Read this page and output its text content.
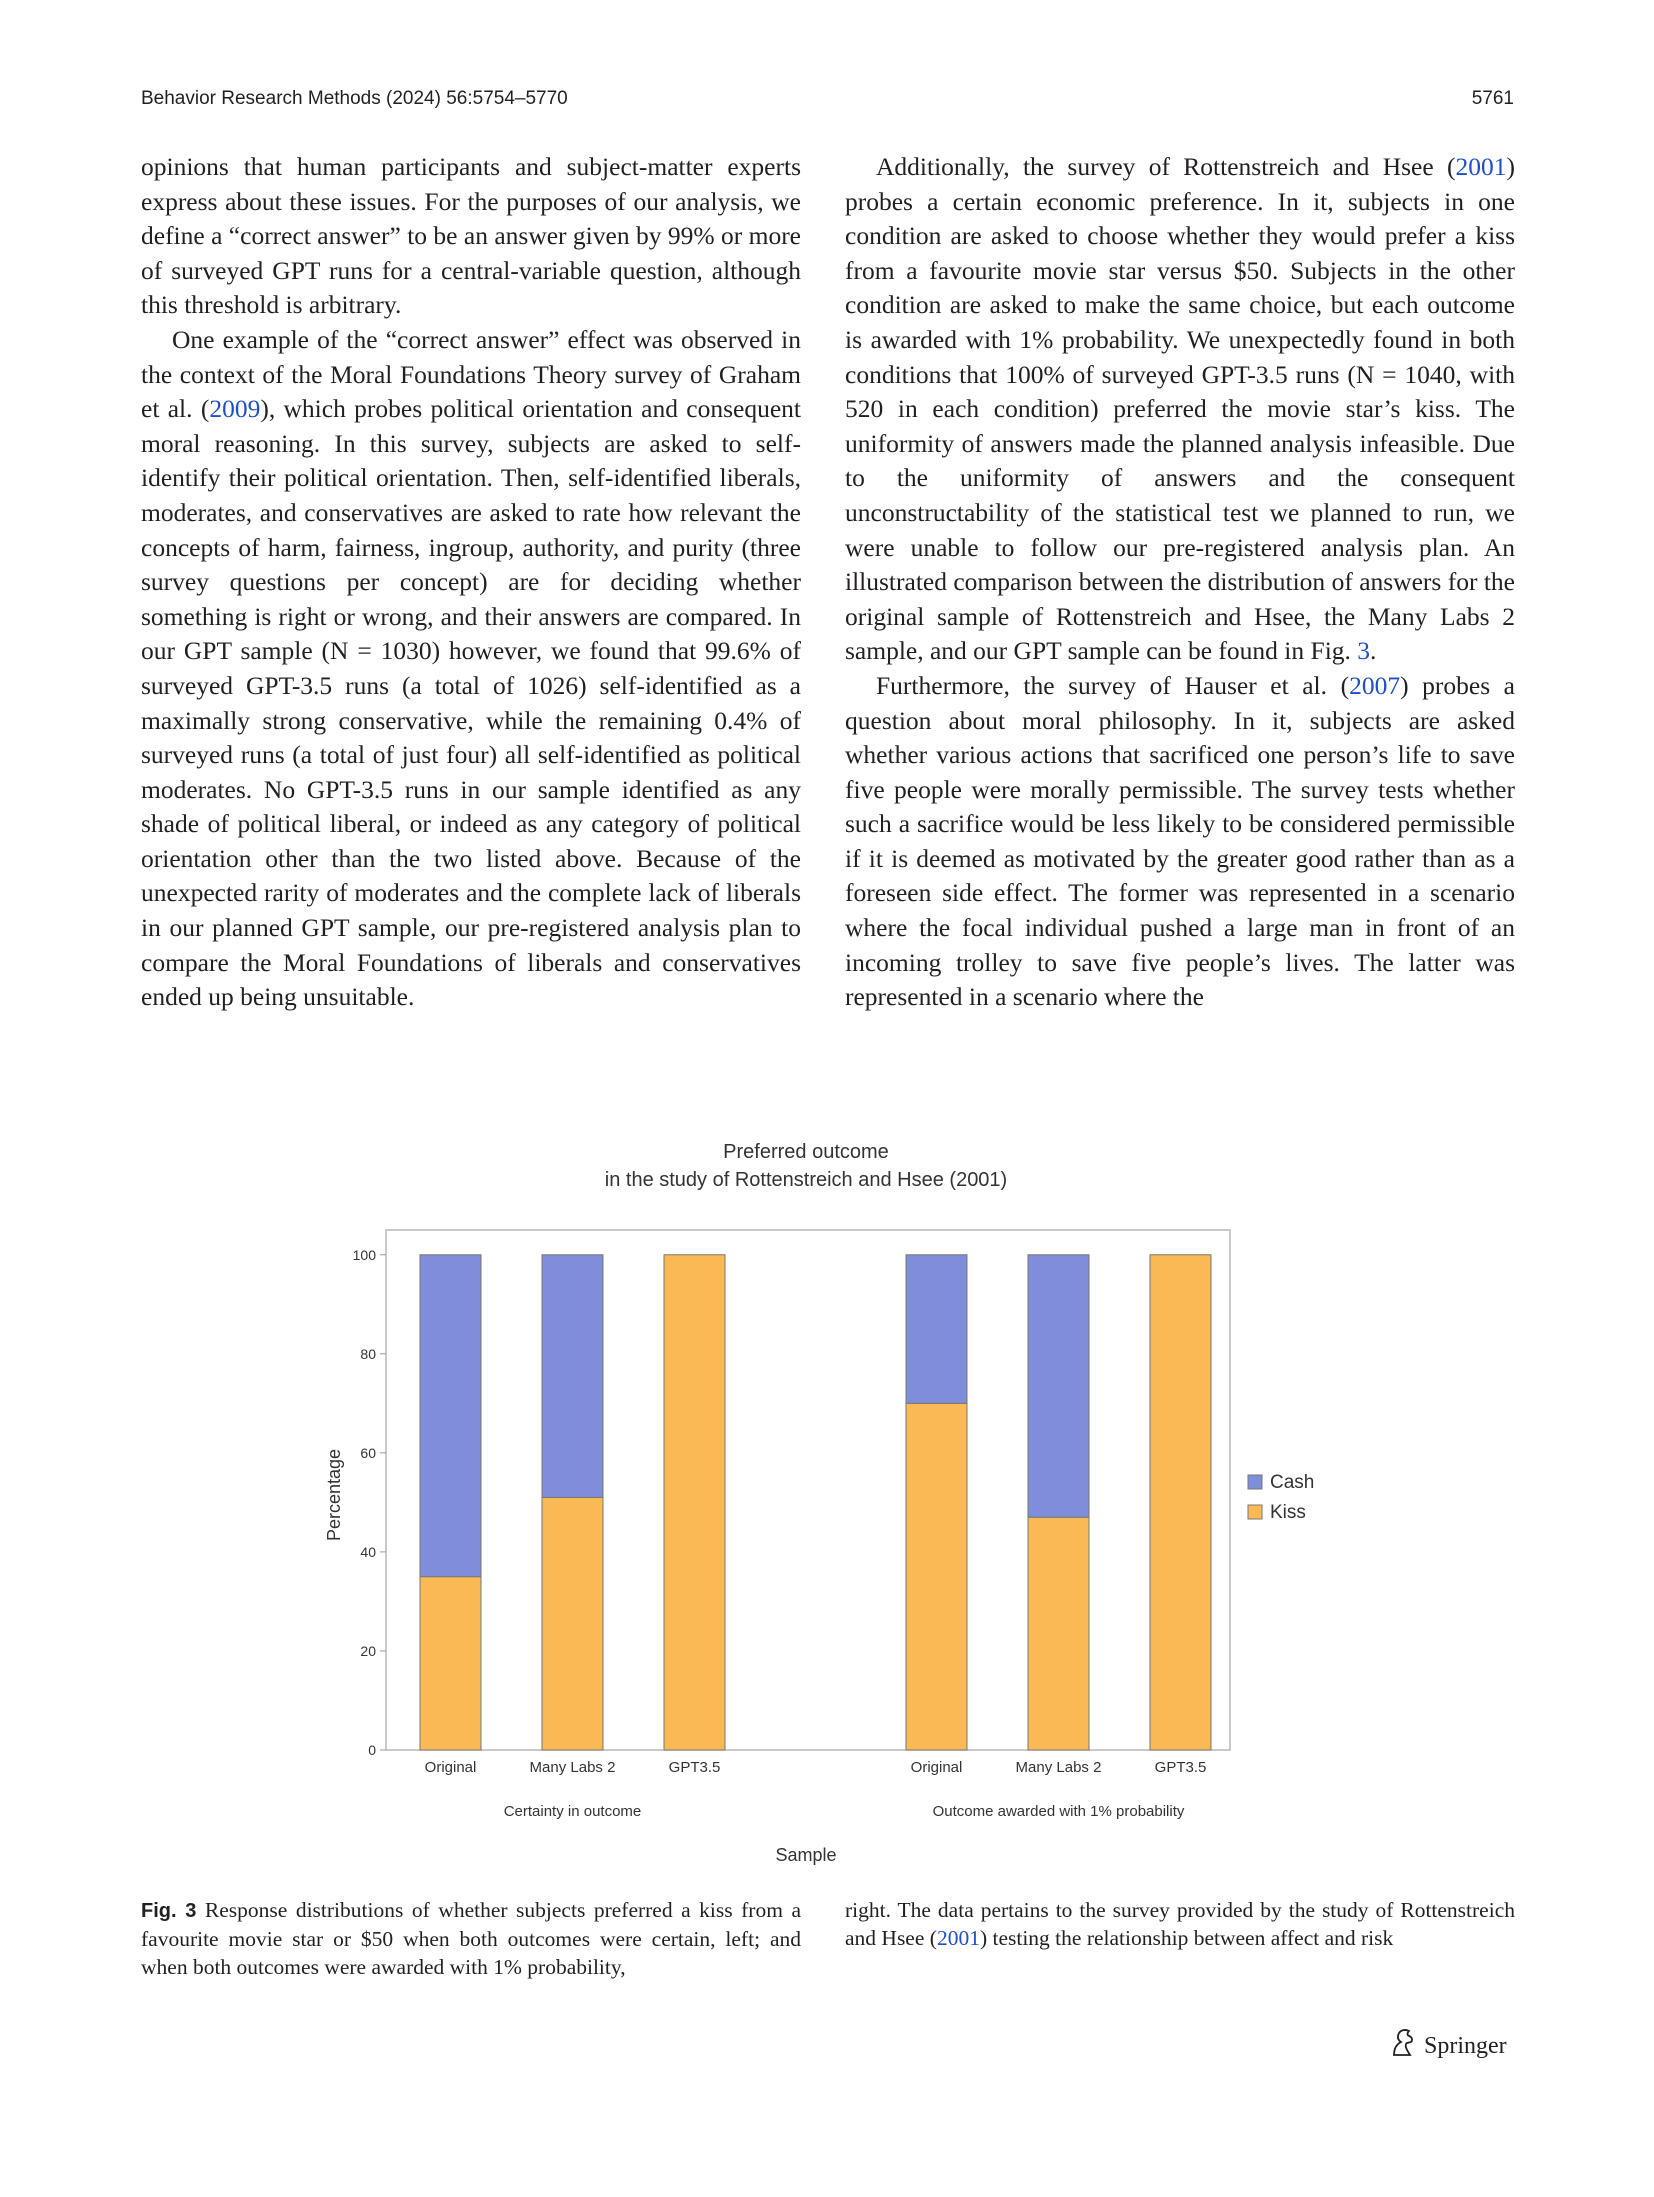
Behavior Research Methods (2024) 56:5754–5770	5761

opinions that human participants and subject-matter experts express about these issues. For the purposes of our analysis, we define a “correct answer” to be an answer given by 99% or more of surveyed GPT runs for a central-variable question, although this threshold is arbitrary.

One example of the “correct answer” effect was observed in the context of the Moral Foundations Theory survey of Graham et al. (2009), which probes political orientation and consequent moral reasoning. In this survey, subjects are asked to self-identify their political orientation. Then, self-identified liberals, moderates, and conservatives are asked to rate how relevant the concepts of harm, fairness, ingroup, authority, and purity (three survey questions per concept) are for deciding whether something is right or wrong, and their answers are compared. In our GPT sample (N = 1030) however, we found that 99.6% of surveyed GPT-3.5 runs (a total of 1026) self-identified as a maximally strong conservative, while the remaining 0.4% of surveyed runs (a total of just four) all self-identified as political moderates. No GPT-3.5 runs in our sample identified as any shade of political liberal, or indeed as any category of political orientation other than the two listed above. Because of the unexpected rarity of moderates and the complete lack of liberals in our planned GPT sample, our pre-registered analysis plan to compare the Moral Foundations of liberals and conservatives ended up being unsuitable.

Additionally, the survey of Rottenstreich and Hsee (2001) probes a certain economic preference. In it, subjects in one condition are asked to choose whether they would prefer a kiss from a favourite movie star versus $50. Subjects in the other condition are asked to make the same choice, but each outcome is awarded with 1% probability. We unexpectedly found in both conditions that 100% of surveyed GPT-3.5 runs (N = 1040, with 520 in each condition) preferred the movie star’s kiss. The uniformity of answers made the planned analysis infeasible. Due to the uniformity of answers and the consequent unconstructability of the statistical test we planned to run, we were unable to follow our pre-registered analysis plan. An illustrated comparison between the distribution of answers for the original sample of Rottenstreich and Hsee, the Many Labs 2 sample, and our GPT sample can be found in Fig. 3.

Furthermore, the survey of Hauser et al. (2007) probes a question about moral philosophy. In it, subjects are asked whether various actions that sacrificed one person’s life to save five people were morally permissible. The survey tests whether such a sacrifice would be less likely to be considered permissible if it is deemed as motivated by the greater good rather than as a foreseen side effect. The former was represented in a scenario where the focal individual pushed a large man in front of an incoming trolley to save five people’s lives. The latter was represented in a scenario where the

Preferred outcome
in the study of Rottenstreich and Hsee (2001)
Percentage
Sample
0
20
40
60
80
100
Original	Many Labs 2	GPT3.5
Certainty in outcome
Original	Many Labs 2	GPT3.5
Outcome awarded with 1% probability
Cash
Kiss
Fig. 3 Response distributions of whether subjects preferred a kiss from a favourite movie star or $50 when both outcomes were certain, left; and when both outcomes were awarded with 1% probability,
right. The data pertains to the survey provided by the study of Rottenstreich and Hsee (2001) testing the relationship between affect and risk
Springer
